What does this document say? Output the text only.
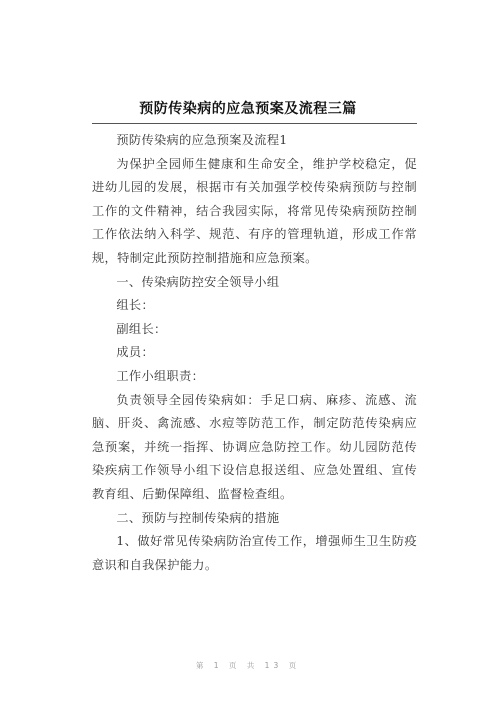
预防传染病的应急预案及流程三篇

预防传染病的应急预案及流程1

为保护全园师生健康和生命安全，维护学校稳定，促进幼儿园的发展，根据市有关加强学校传染病预防与控制工作的文件精神，结合我园实际，将常见传染病预防控制工作依法纳入科学、规范、有序的管理轨道，形成工作常规，特制定此预防控制措施和应急预案。

一、传染病防控安全领导小组

组长：

副组长：

成员：

工作小组职责：

负责领导全园传染病如：手足口病、麻疹、流感、流脑、肝炎、禽流感、水痘等防范工作，制定防范传染病应急预案，并统一指挥、协调应急防控工作。幼儿园防范传染疾病工作领导小组下设信息报送组、应急处置组、宣传教育组、后勤保障组、监督检查组。

二、预防与控制传染病的措施

1、做好常见传染病防治宣传工作，增强师生卫生防疫意识和自我保护能力。

第 1 页 共 13 页
